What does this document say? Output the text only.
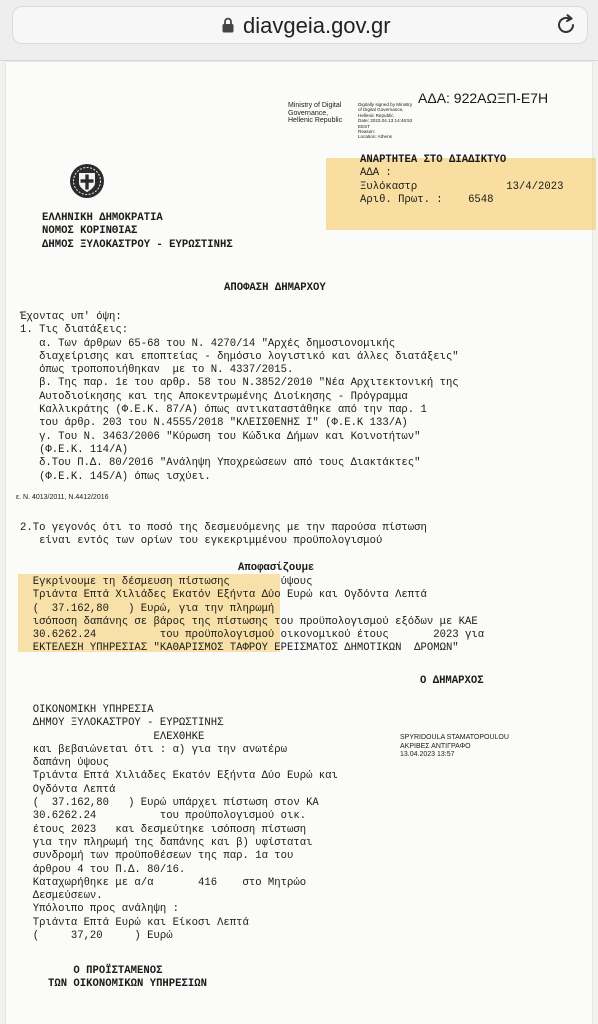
diavgeia.gov.gr
ΑΔΑ: 922ΑΩΞΠ-Ε7Η
Ministry of Digital
Governance,
Hellenic Republic
Digitally signed by Ministry
of Digital Governance,
Hellenic Republic
Date: 2023.04.13 14:46:52
EEST
Reason:
Location: Athens
ΕΛΛΗΝΙΚΗ ΔΗΜΟΚΡΑΤΙΑ
ΝΟΜΟΣ ΚΟΡΙΝΘΙΑΣ
ΔΗΜΟΣ ΞΥΛΟΚΑΣΤΡΟΥ - ΕΥΡΩΣΤΙΝΗΣ
ΑΝΑΡΤΗΤΕΑ ΣΤΟ ΔΙΑΔΙΚΤΥΟ
ΑΔΑ :
Ξυλόκαστρ              13/4/2023
Αριθ. Πρωτ. :    6548
ΑΠΟΦΑΣΗ ΔΗΜΑΡΧΟΥ
Έχοντας υπ' όψη:
1. Τις διατάξεις:
α. Των άρθρων 65-68 του Ν. 4270/14 "Αρχές δημοσιονομικής
διαχείρισης και εποπτείας - δημόσιο λογιστικό και άλλες διατάξεις"
όπως τροποποιήθηκαν  με το Ν. 4337/2015.
β. Της παρ. 1ε του αρθρ. 58 του Ν.3852/2010 "Νέα Αρχιτεκτονική της
Αυτοδιοίκησης και της Αποκεντρωμένης Διοίκησης - Πρόγραμμα
Καλλικράτης (Φ.Ε.Κ. 87/Α) όπως αντικαταστάθηκε από την παρ. 1
του άρθρ. 203 του Ν.4555/2018 "ΚΛΕΙΣΘΕΝΗΣ Ι" (Φ.Ε.Κ 133/Α)
γ. Του Ν. 3463/2006 "Κύρωση του Κώδικα Δήμων και Κοινοτήτων"
(Φ.Ε.Κ. 114/Α)
δ.Του Π.Δ. 80/2016 "Ανάληψη Υποχρεώσεων από τους Διακτάκτες"
(Φ.Ε.Κ. 145/Α) όπως ισχύει.
ε. Ν. 4013/2011, Ν.4412/2016
2.Το γεγονός ότι το ποσό της δεσμευόμενης με την παρούσα πίστωση
είναι εντός των ορίων του εγκεκριμμένου προϋπολογισμού
Αποφασίζουμε
Εγκρίνουμε τη δέσμευση πίστωσης        ύψους
Τριάντα Επτά Χιλιάδες Εκατόν Εξήντα Δύο Ευρώ και Ογδόντα Λεπτά
(  37.162,80   ) Ευρώ, για την πληρωμή
ισόποση δαπάνης σε βάρος της πίστωσης του προϋπολογισμού εξόδων με ΚΑΕ
30.6262.24          του προϋπολογισμού οικονομικού έτους       2023 για
ΕΚΤΕΛΕΣΗ ΥΠΗΡΕΣΙΑΣ "ΚΑΘΑΡΙΣΜΟΣ ΤΑΦΡΟΥ ΕΡΕΙΣΜΑΤΟΣ ΔΗΜΟΤΙΚΩΝ  ΔΡΟΜΩΝ"
Ο ΔΗΜΑΡΧΟΣ
ΟΙΚΟΝΟΜΙΚΗ ΥΠΗΡΕΣΙΑ
ΔΗΜΟΥ ΞΥΛΟΚΑΣΤΡΟΥ - ΕΥΡΩΣΤΙΝΗΣ
ΕΛΕΧΘΗΚΕ
και βεβαιώνεται ότι : α) για την ανωτέρω
δαπάνη ύψους
Τριάντα Επτά Χιλιάδες Εκατόν Εξήντα Δύο Ευρώ και
Ογδόντα Λεπτά
(  37.162,80   ) Ευρώ υπάρχει πίστωση στον ΚΑ
30.6262.24          του προϋπολογισμού οικ.
έτους 2023   και δεσμεύτηκε ισόποση πίστωση
για την πληρωμή της δαπάνης και β) υφίσταται
συνδρομή των προϋποθέσεων της παρ. 1α του
άρθρου 4 του Π.Δ. 80/16.
Καταχωρήθηκε με α/α       416    στο Μητρώο
Δεσμεύσεων.
Υπόλοιπο προς ανάληψη :
Τριάντα Επτά Ευρώ και Είκοσι Λεπτά
(     37,20     ) Ευρώ
SPYRIDOULA STAMATOPOULOU
ΑΚΡΙΒΕΣ ΑΝΤΙΓΡΑΦΟ
13.04.2023 13:57
Ο ΠΡΟΪΣΤΑΜΕΝΟΣ
ΤΩΝ ΟΙΚΟΝΟΜΙΚΩΝ ΥΠΗΡΕΣΙΩΝ
